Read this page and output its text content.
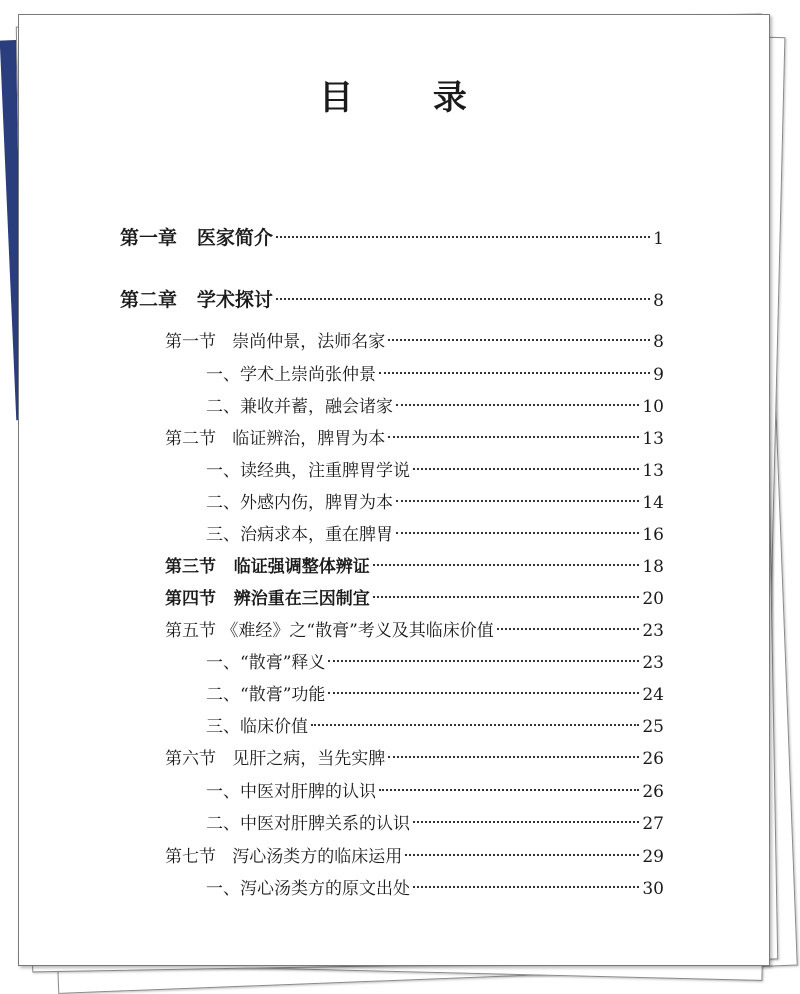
目 录
第一章   医家简介	1
第二章   学术探讨	8
第一节   崇尚仲景，法师名家	8
一、学术上崇尚张仲景	9
二、兼收并蓄，融会诸家	10
第二节   临证辨治，脾胃为本	13
一、读经典，注重脾胃学说	13
二、外感内伤，脾胃为本	14
三、治病求本，重在脾胃	16
第三节   临证强调整体辨证	18
第四节   辨治重在三因制宜	20
第五节 《难经》之“散膏”考义及其临床价值	23
一、“散膏”释义	23
二、“散膏”功能	24
三、临床价值	25
第六节   见肝之病，当先实脾	26
一、中医对肝脾的认识	26
二、中医对肝脾关系的认识	27
第七节   泻心汤类方的临床运用	29
一、泻心汤类方的原文出处	30
